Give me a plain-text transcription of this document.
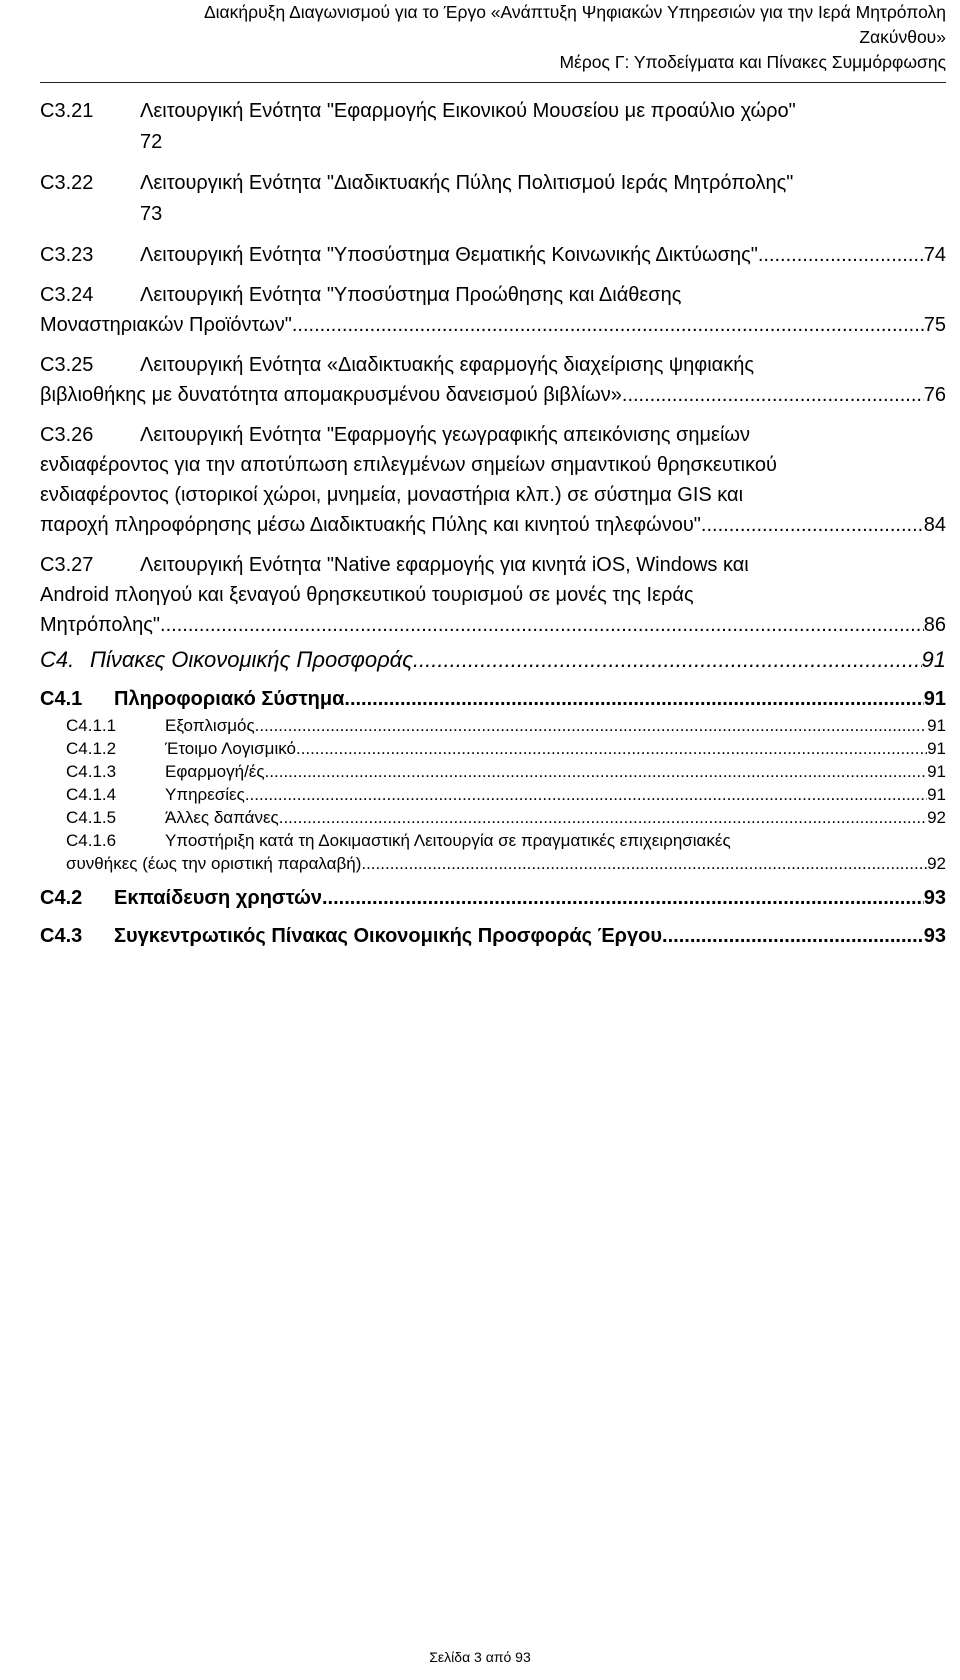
Διακήρυξη Διαγωνισμού για το Έργο «Ανάπτυξη Ψηφιακών Υπηρεσιών για την Ιερά Μητρόπολη
Ζακύνθου»
Μέρος Γ: Υποδείγματα και Πίνακες Συμμόρφωσης
C3.21 Λειτουργική Ενότητα "Εφαρμογής Εικονικού Μουσείου με προαύλιο χώρο"
72
C3.22 Λειτουργική Ενότητα "Διαδικτυακής Πύλης Πολιτισμού Ιεράς Μητρόπολης"
73
C3.23	Λειτουργική Ενότητα "Υποσύστημα Θεματικής Κοινωνικής Δικτύωσης" .....	74
C3.24 Λειτουργική Ενότητα "Υποσύστημα Προώθησης και Διάθεσης
Μοναστηριακών Προϊόντων" .....	75
C3.25 Λειτουργική Ενότητα «Διαδικτυακής εφαρμογής διαχείρισης ψηφιακής
βιβλιοθήκης με δυνατότητα απομακρυσμένου δανεισμού βιβλίων» .....	76
C3.26 Λειτουργική Ενότητα "Εφαρμογής γεωγραφικής απεικόνισης σημείων
ενδιαφέροντος για την αποτύπωση επιλεγμένων σημείων σημαντικού θρησκευτικού
ενδιαφέροντος (ιστορικοί χώροι, μνημεία, μοναστήρια κλπ.) σε σύστημα GIS και
παροχή πληροφόρησης μέσω Διαδικτυακής Πύλης και κινητού τηλεφώνου" .....	84
C3.27 Λειτουργική Ενότητα "Native εφαρμογής για κινητά iOS, Windows και
Android πλοηγού και ξεναγού θρησκευτικού τουρισμού σε μονές της Ιεράς
Μητρόπολης" .....	86
C4. Πίνακες Οικονομικής Προσφοράς .....	91
C4.1	Πληροφοριακό Σύστημα .....	91
C4.1.1	Εξοπλισμός .....	91
C4.1.2	Έτοιμο Λογισμικό .....	91
C4.1.3	Εφαρμογή/ές .....	91
C4.1.4	Υπηρεσίες .....	91
C4.1.5	Άλλες δαπάνες .....	92
C4.1.6	Υποστήριξη κατά τη Δοκιμαστική Λειτουργία σε πραγματικές επιχειρησιακές
συνθήκες (έως την οριστική παραλαβή) .....	92
C4.2	Εκπαίδευση χρηστών .....	93
C4.3	Συγκεντρωτικός Πίνακας Οικονομικής Προσφοράς Έργου .....	93
Σελίδα 3 από 93
